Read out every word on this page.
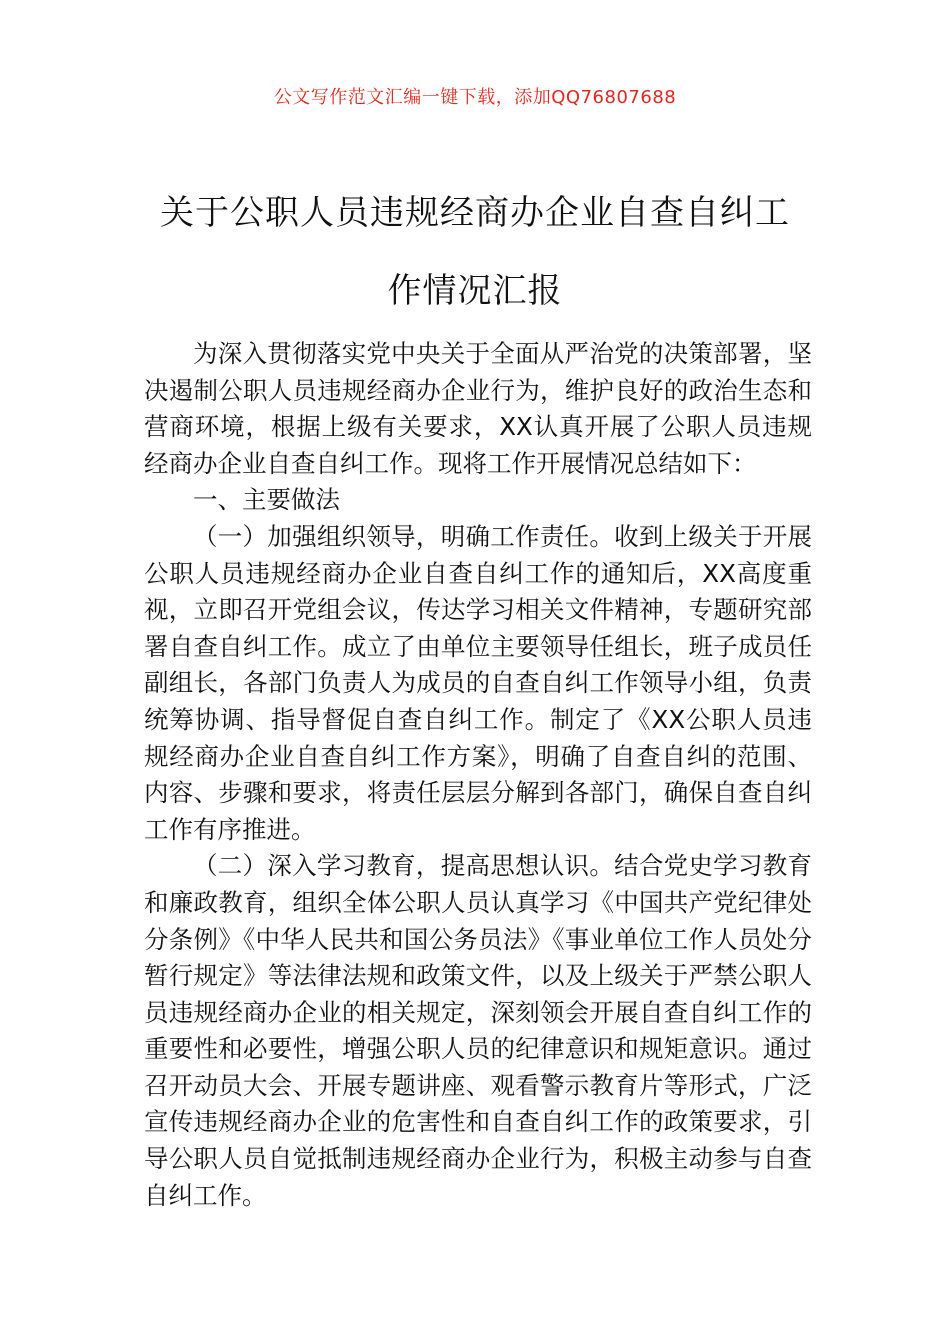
公文写作范文汇编一键下载，添加QQ76807688
关于公职人员违规经商办企业自查自纠工
作情况汇报

为深入贯彻落实党中央关于全面从严治党的决策部署，坚决遏制公职人员违规经商办企业行为，维护良好的政治生态和营商环境，根据上级有关要求，XX认真开展了公职人员违规经商办企业自查自纠工作。现将工作开展情况总结如下：

一、主要做法

（一）加强组织领导，明确工作责任。收到上级关于开展公职人员违规经商办企业自查自纠工作的通知后，XX高度重视，立即召开党组会议，传达学习相关文件精神，专题研究部署自查自纠工作。成立了由单位主要领导任组长，班子成员任副组长，各部门负责人为成员的自查自纠工作领导小组，负责统筹协调、指导督促自查自纠工作。制定了《XX公职人员违规经商办企业自查自纠工作方案》，明确了自查自纠的范围、内容、步骤和要求，将责任层层分解到各部门，确保自查自纠工作有序推进。

（二）深入学习教育，提高思想认识。结合党史学习教育和廉政教育，组织全体公职人员认真学习《中国共产党纪律处分条例》《中华人民共和国公务员法》《事业单位工作人员处分暂行规定》等法律法规和政策文件，以及上级关于严禁公职人员违规经商办企业的相关规定，深刻领会开展自查自纠工作的重要性和必要性，增强公职人员的纪律意识和规矩意识。通过召开动员大会、开展专题讲座、观看警示教育片等形式，广泛宣传违规经商办企业的危害性和自查自纠工作的政策要求，引导公职人员自觉抵制违规经商办企业行为，积极主动参与自查自纠工作。
